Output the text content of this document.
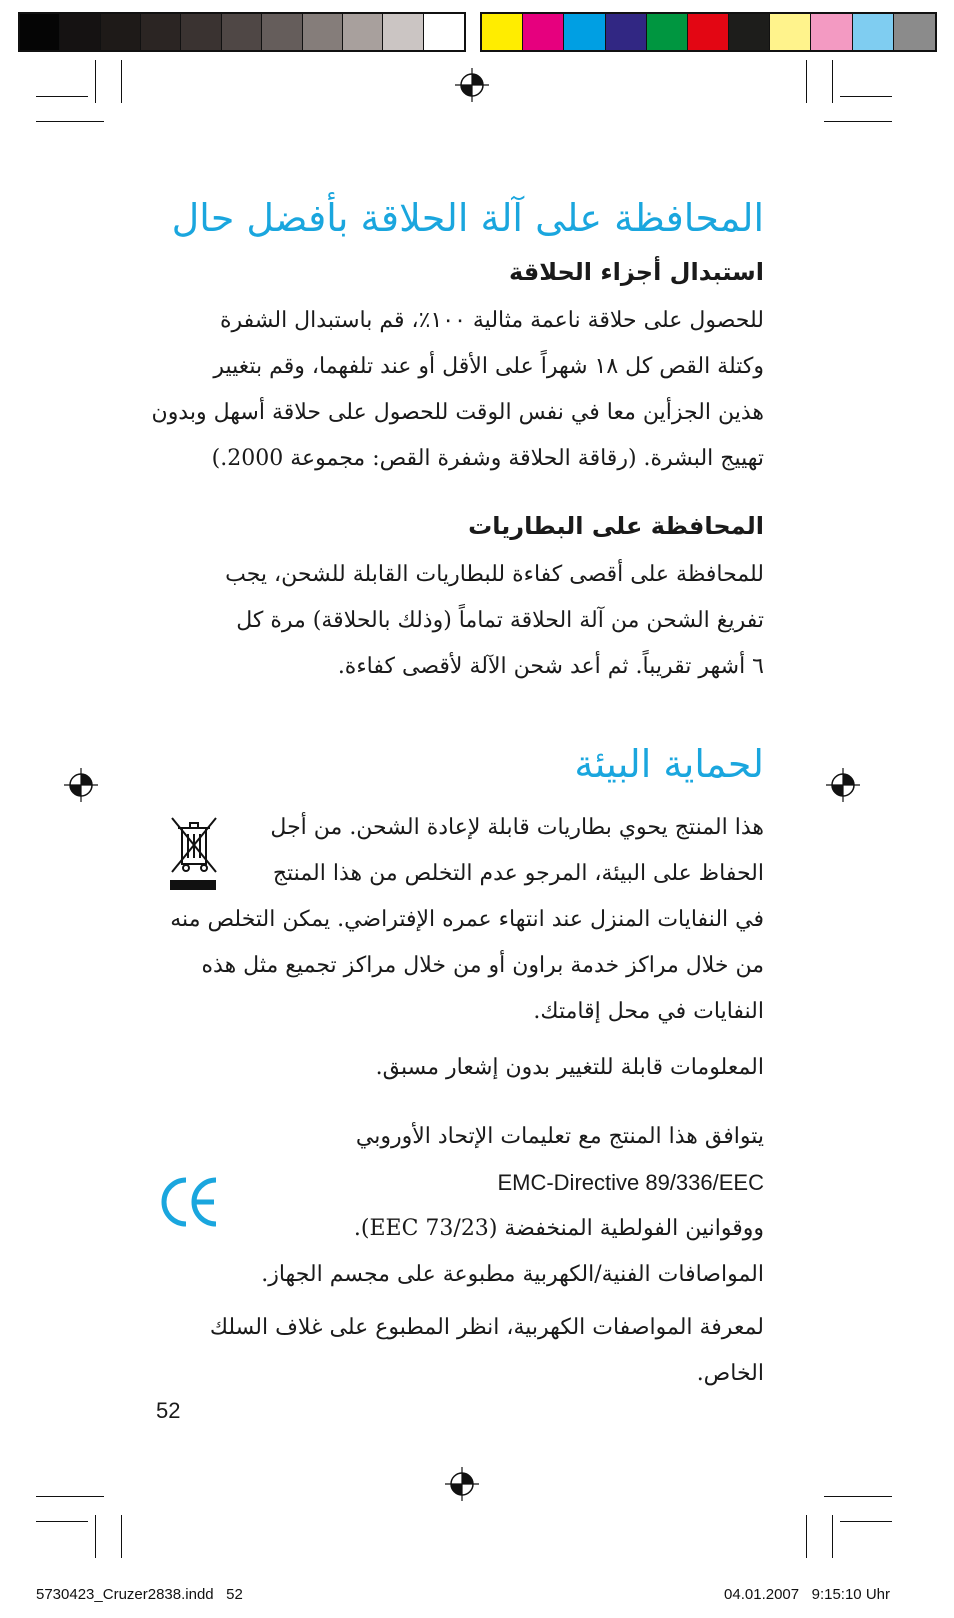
المحافظة على آلة الحلاقة بأفضل حال
استبدال أجزاء الحلاقة
للحصول على حلاقة ناعمة مثالية ١٠٠٪، قم باستبدال الشفرة
وكتلة القص كل ١٨ شهراً على الأقل أو عند تلفهما، وقم بتغيير
هذين الجزأين معا في نفس الوقت للحصول على حلاقة أسهل وبدون
تهييج البشرة. (رقاقة الحلاقة وشفرة القص: مجموعة 2000.)
المحافظة على البطاريات
للمحافظة على أقصى كفاءة للبطاريات القابلة للشحن، يجب
تفريغ الشحن من آلة الحلاقة تماماً (وذلك بالحلاقة) مرة كل
٦ أشهر تقريباً. ثم أعد شحن الآلة لأقصى كفاءة.
لحماية البيئة
هذا المنتج يحوي بطاريات قابلة لإعادة الشحن. من أجل
الحفاظ على البيئة، المرجو عدم التخلص من هذا المنتج
في النفايات المنزل عند انتهاء عمره الإفتراضي. يمكن التخلص منه
من خلال مراكز خدمة براون أو من خلال مراكز تجميع مثل هذه
النفايات في محل إقامتك.
المعلومات قابلة للتغيير بدون إشعار مسبق.
يتوافق هذا المنتج مع تعليمات الإتحاد الأوروبي
EMC-Directive 89/336/EEC
ووقوانين الفولطية المنخفضة (73/23 EEC).
المواصافات الفنية/الكهربية مطبوعة على مجسم الجهاز.
لمعرفة المواصفات الكهربية، انظر المطبوع على غلاف السلك الخاص.
52
5730423_Cruzer2838.indd   52	04.01.2007   9:15:10 Uhr
